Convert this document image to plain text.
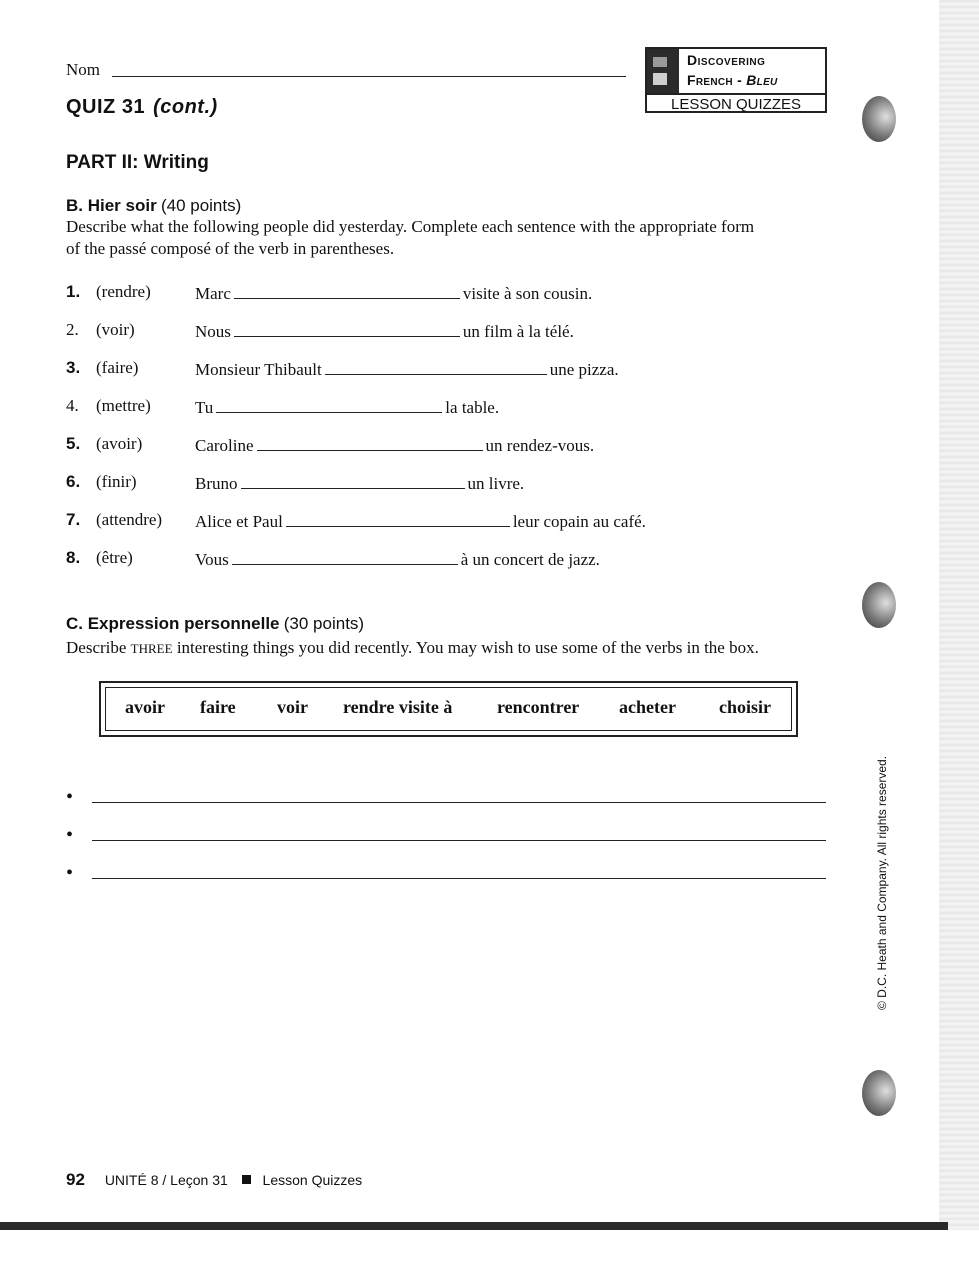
Nom
QUIZ 31 (cont.)
Discovering
French - Bleu
LESSON QUIZZES
PART II: Writing
B. Hier soir (40 points)
Describe what the following people did yesterday. Complete each sentence with the appropriate form
of the passé composé of the verb in parentheses.
1. (rendre)	Marc	visite à son cousin.
2. (voir)	Nous	un film à la télé.
3. (faire)	Monsieur Thibault	une pizza.
4. (mettre)	Tu	la table.
5. (avoir)	Caroline	un rendez-vous.
6. (finir)	Bruno	un livre.
7. (attendre) Alice et Paul	leur copain au café.
8. (être)	Vous	à un concert de jazz.
C. Expression personnelle (30 points)
Describe THREE interesting things you did recently. You may wish to use some of the verbs in the box.
avoir faire voir rendre visite à rencontrer acheter choisir
•
•
•
92 UNITÉ 8 / Leçon 31 Lesson Quizzes
© D.C. Heath and Company. All rights reserved.
